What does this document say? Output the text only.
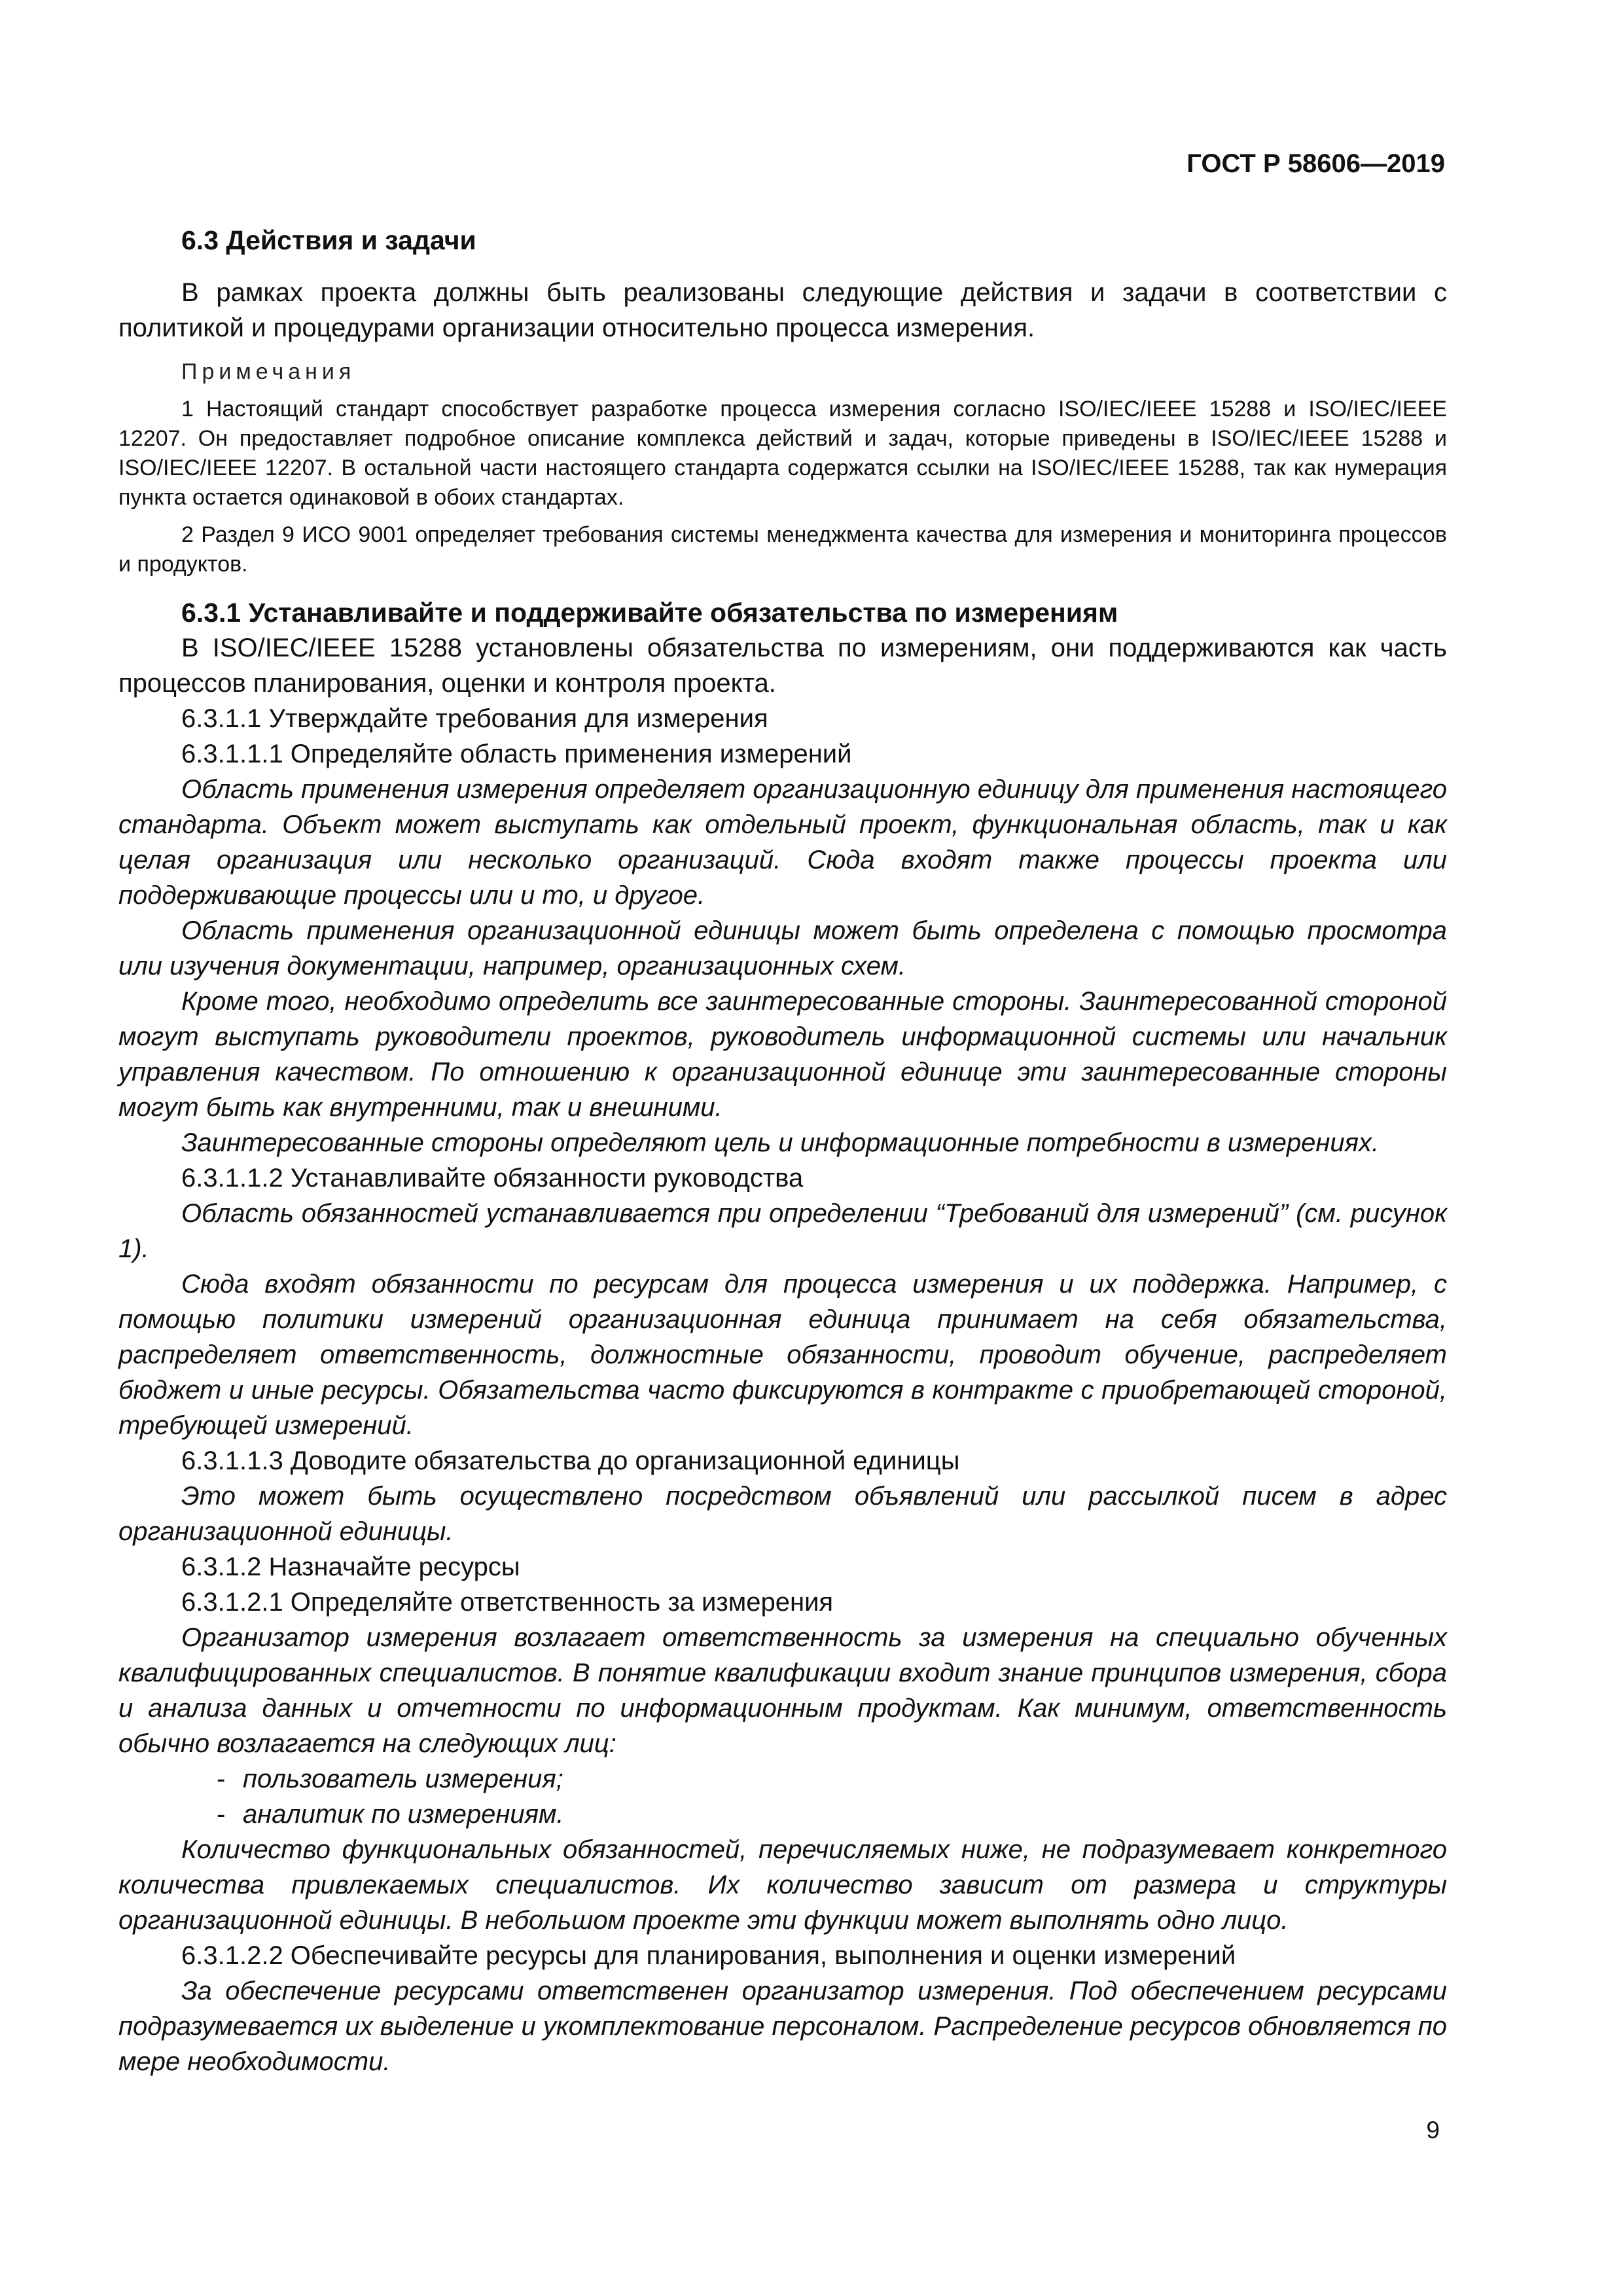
ГОСТ Р 58606—2019

6.3 Действия и задачи

В рамках проекта должны быть реализованы следующие действия и задачи в соответствии с политикой и процедурами организации относительно процесса измерения.

Примечания

1 Настоящий стандарт способствует разработке процесса измерения согласно ISO/IEC/IEEE 15288 и ISO/IEC/IEEE 12207. Он предоставляет подробное описание комплекса действий и задач, которые приведены в ISO/IEC/IEEE 15288 и ISO/IEC/IEEE 12207. В остальной части настоящего стандарта содержатся ссылки на ISO/IEC/IEEE 15288, так как нумерация пункта остается одинаковой в обоих стандартах.

2 Раздел 9 ИСО 9001 определяет требования системы менеджмента качества для измерения и мониторинга процессов и продуктов.

6.3.1 Устанавливайте и поддерживайте обязательства по измерениям

В ISO/IEC/IEEE 15288 установлены обязательства по измерениям, они поддерживаются как часть процессов планирования, оценки и контроля проекта.

6.3.1.1 Утверждайте требования для измерения

6.3.1.1.1 Определяйте область применения измерений

Область применения измерения определяет организационную единицу для применения настоящего стандарта. Объект может выступать как отдельный проект, функциональная область, так и как целая организация или несколько организаций. Сюда входят также процессы проекта или поддерживающие процессы или и то, и другое.

Область применения организационной единицы может быть определена с помощью просмотра или изучения документации, например, организационных схем.

Кроме того, необходимо определить все заинтересованные стороны. Заинтересованной стороной могут выступать руководители проектов, руководитель информационной системы или начальник управления качеством. По отношению к организационной единице эти заинтересованные стороны могут быть как внутренними, так и внешними.

Заинтересованные стороны определяют цель и информационные потребности в измерениях.

6.3.1.1.2 Устанавливайте обязанности руководства

Область обязанностей устанавливается при определении “Требований для измерений” (см. рисунок 1).

Сюда входят обязанности по ресурсам для процесса измерения и их поддержка. Например, с помощью политики измерений организационная единица принимает на себя обязательства, распределяет ответственность, должностные обязанности, проводит обучение, распределяет бюджет и иные ресурсы. Обязательства часто фиксируются в контракте с приобретающей стороной, требующей измерений.

6.3.1.1.3 Доводите обязательства до организационной единицы

Это может быть осуществлено посредством объявлений или рассылкой писем в адрес организационной единицы.

6.3.1.2 Назначайте ресурсы

6.3.1.2.1 Определяйте ответственность за измерения

Организатор измерения возлагает ответственность за измерения на специально обученных квалифицированных специалистов. В понятие квалификации входит знание принципов измерения, сбора и анализа данных и отчетности по информационным продуктам. Как минимум, ответственность обычно возлагается на следующих лиц:

- пользователь измерения;

- аналитик по измерениям.

Количество функциональных обязанностей, перечисляемых ниже, не подразумевает конкретного количества привлекаемых специалистов. Их количество зависит от размера и структуры организационной единицы. В небольшом проекте эти функции может выполнять одно лицо.

6.3.1.2.2 Обеспечивайте ресурсы для планирования, выполнения и оценки измерений

За обеспечение ресурсами ответственен организатор измерения. Под обеспечением ресурсами подразумевается их выделение и укомплектование персоналом. Распределение ресурсов обновляется по мере необходимости.

9
